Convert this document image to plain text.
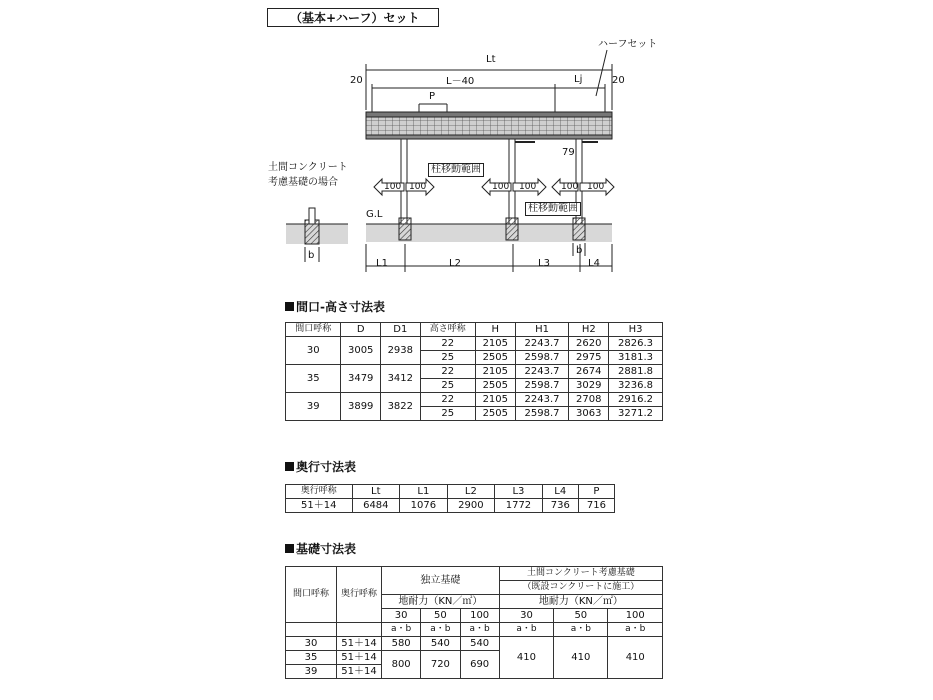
（基本+ハーフ）セット
Lt
20	20
L－40	Lj
ハーフセット
P
79
柱移動範囲
柱移動範囲
100 100	100 100	100 100
G.L
b
b
土間コンクリート
考慮基礎の場合
L1	L2	L3	L4
間口-高さ寸法表
間口呼称	D	D1	高さ呼称	H	H1	H2	H3
30	3005	2938	22	2105	2243.7	2620	2826.3
			25	2505	2598.7	2975	3181.3
35	3479	3412	22	2105	2243.7	2674	2881.8
			25	2505	2598.7	3029	3236.8
39	3899	3822	22	2105	2243.7	2708	2916.2
			25	2505	2598.7	3063	3271.2
奥行寸法表
奥行呼称	Lt	L1	L2	L3	L4	P
51＋14	6484	1076	2900	1772	736	716
基礎寸法表
間口呼称	奥行呼称	独立基礎			土間コンクリート考慮基礎		
					（既設コンクリートに施工）		
		地耐力（KN／㎡）			地耐力（KN／㎡）		
		30	50	100	30	50	100
		a・b	a・b	a・b	a・b	a・b	a・b
30	51＋14	580	540	540	410	410	410
35	51＋14	800	720	690			
39	51＋14						
